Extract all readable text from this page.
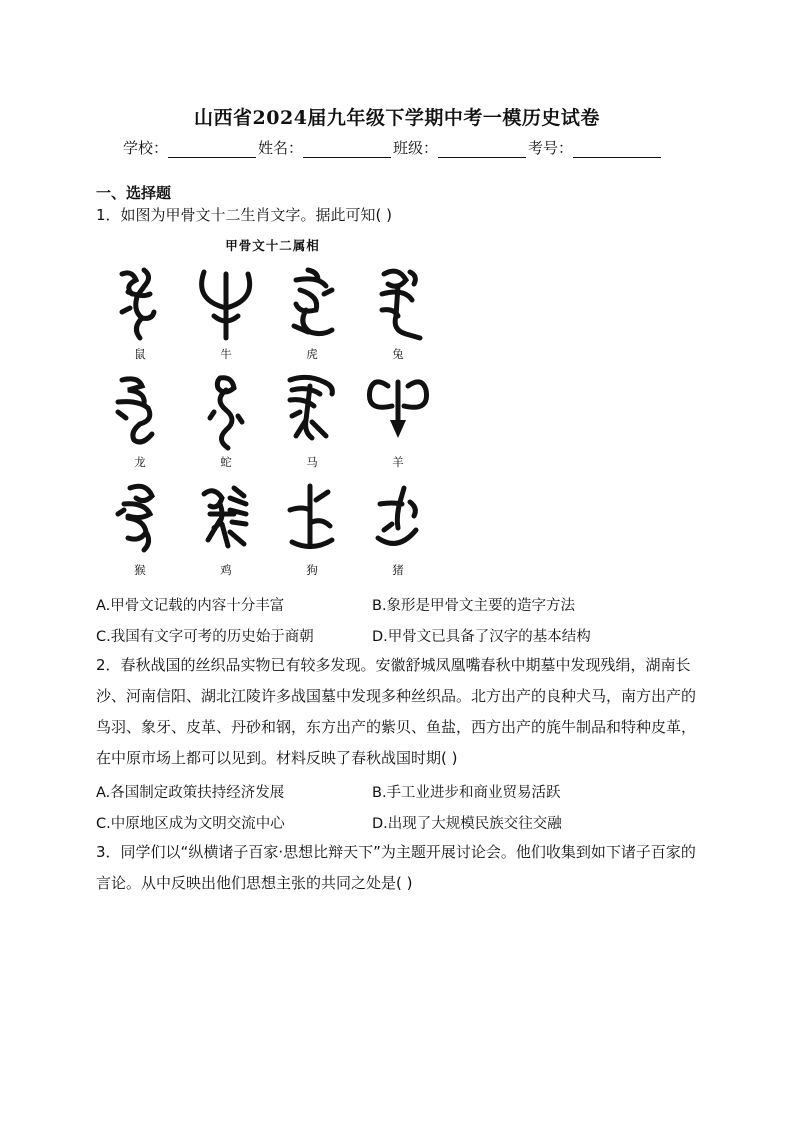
山西省2024届九年级下学期中考一模历史试卷
学校：	姓名：	班级：	考号：
一、选择题
1．如图为甲骨文十二生肖文字。据此可知( )
甲骨文十二属相
鼠	牛	虎	兔
龙	蛇	马	羊
猴	鸡	狗	猪
A.甲骨文记载的内容十分丰富	B.象形是甲骨文主要的造字方法
C.我国有文字可考的历史始于商朝	D.甲骨文已具备了汉字的基本结构
2．春秋战国的丝织品实物已有较多发现。安徽舒城凤凰嘴春秋中期墓中发现残绢，湖南长沙、河南信阳、湖北江陵许多战国墓中发现多种丝织品。北方出产的良种犬马，南方出产的鸟羽、象牙、皮革、丹砂和钢，东方出产的紫贝、鱼盐，西方出产的旄牛制品和特种皮革，在中原市场上都可以见到。材料反映了春秋战国时期( )
A.各国制定政策扶持经济发展	B.手工业进步和商业贸易活跃
C.中原地区成为文明交流中心	D.出现了大规模民族交往交融
3．同学们以“纵横诸子百家·思想比辩天下”为主题开展讨论会。他们收集到如下诸子百家的言论。从中反映出他们思想主张的共同之处是( )
